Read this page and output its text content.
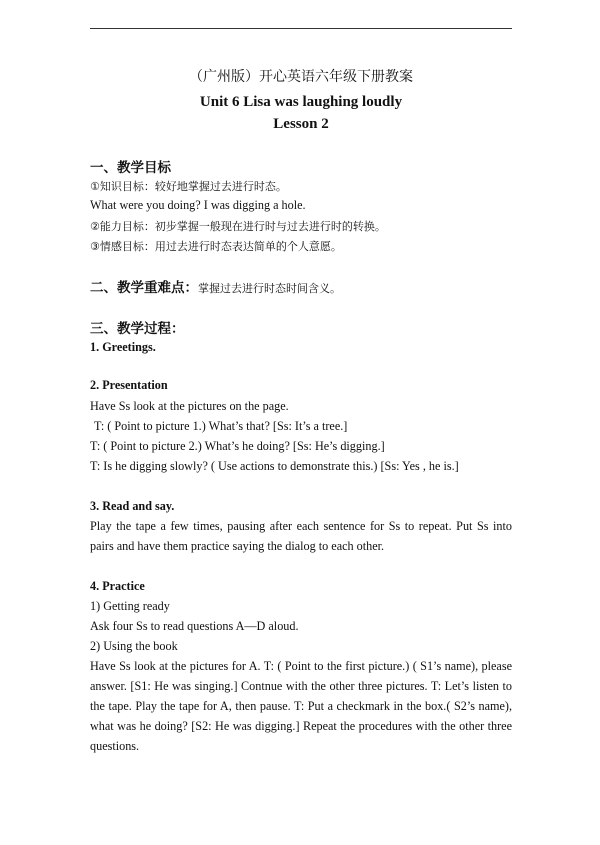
（广州版）开心英语六年级下册教案
Unit 6 Lisa was laughing loudly
Lesson 2
一、教学目标
①知识目标：较好地掌握过去进行时态。
What were you doing? I was digging a hole.
②能力目标：初步掌握一般现在进行时与过去进行时的转换。
③情感目标：用过去进行时态表达简单的个人意愿。
二、教学重难点：掌握过去进行时态时间含义。
三、教学过程：
1. Greetings.
2. Presentation
Have Ss look at the pictures on the page.
T: ( Point to picture 1.) What’s that? [Ss: It’s a tree.]
T: ( Point to picture 2.) What’s he doing? [Ss: He’s digging.]
T: Is he digging slowly? ( Use actions to demonstrate this.) [Ss: Yes , he is.]
3. Read and say.
Play the tape a few times, pausing after each sentence for Ss to repeat. Put Ss into pairs and have them practice saying the dialog to each other.
4. Practice
1) Getting ready
Ask four Ss to read questions A—D aloud.
2) Using the book
Have Ss look at the pictures for A. T: ( Point to the first picture.) ( S1’s name), please answer. [S1: He was singing.] Contnue with the other three pictures. T: Let’s listen to the tape. Play the tape for A, then pause. T: Put a checkmark in the box.( S2’s name), what was he doing? [S2: He was digging.] Repeat the procedures with the other three questions.
